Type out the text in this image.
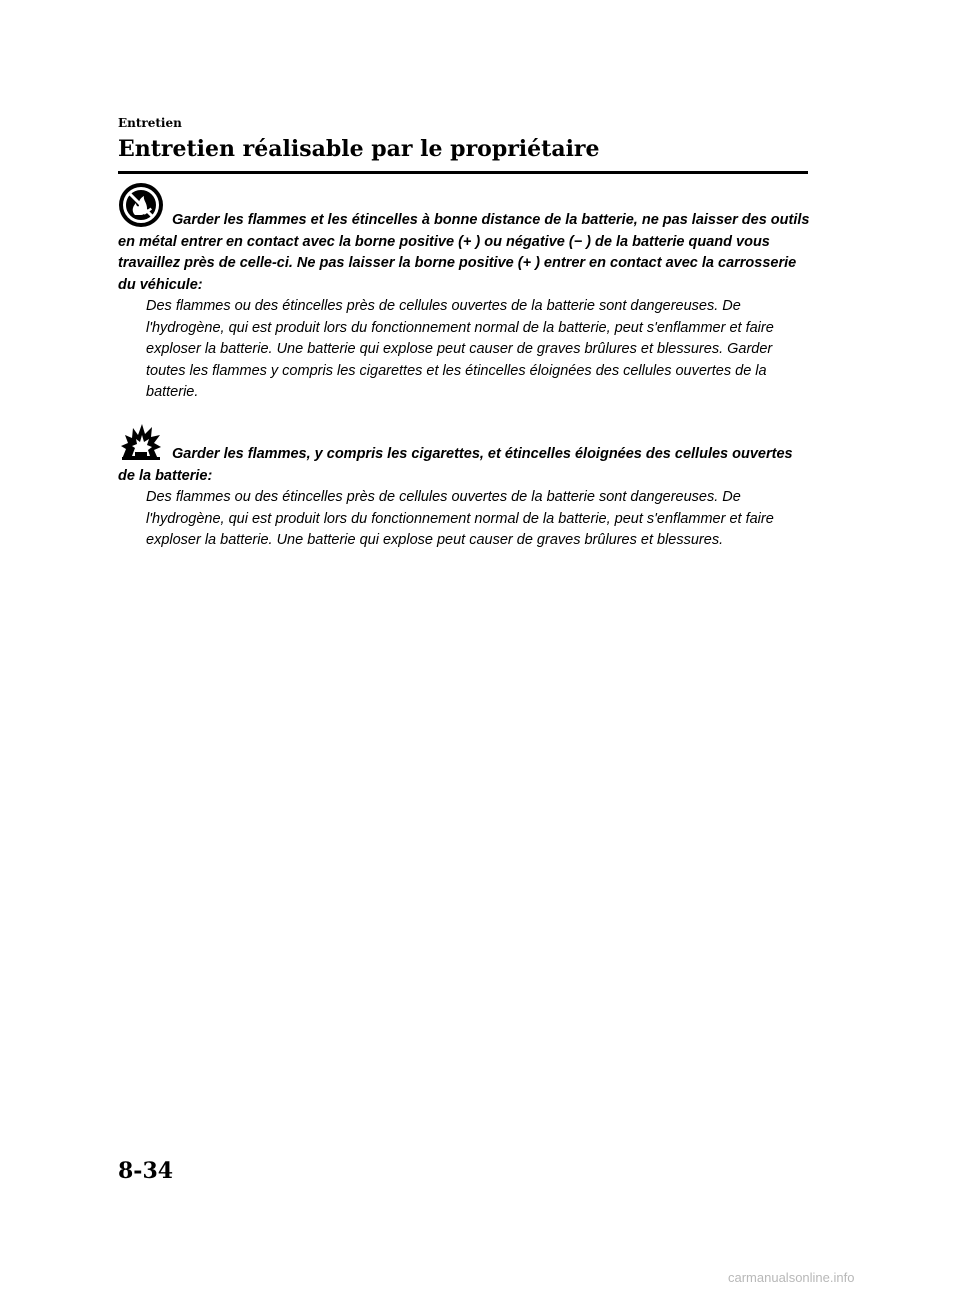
Entretien
Entretien réalisable par le propriétaire
Garder les flammes et les étincelles à bonne distance de la batterie, ne pas laisser des outils en métal entrer en contact avec la borne positive (+ ) ou négative (− ) de la batterie quand vous travaillez près de celle-ci. Ne pas laisser la borne positive (+ ) entrer en contact avec la carrosserie du véhicule:
Des flammes ou des étincelles près de cellules ouvertes de la batterie sont dangereuses. De l'hydrogène, qui est produit lors du fonctionnement normal de la batterie, peut s'enflammer et faire exploser la batterie. Une batterie qui explose peut causer de graves brûlures et blessures. Garder toutes les flammes y compris les cigarettes et les étincelles éloignées des cellules ouvertes de la batterie.
Garder les flammes, y compris les cigarettes, et étincelles éloignées des cellules ouvertes de la batterie:
Des flammes ou des étincelles près de cellules ouvertes de la batterie sont dangereuses. De l'hydrogène, qui est produit lors du fonctionnement normal de la batterie, peut s'enflammer et faire exploser la batterie. Une batterie qui explose peut causer de graves brûlures et blessures.
8-34
carmanualsonline.info
